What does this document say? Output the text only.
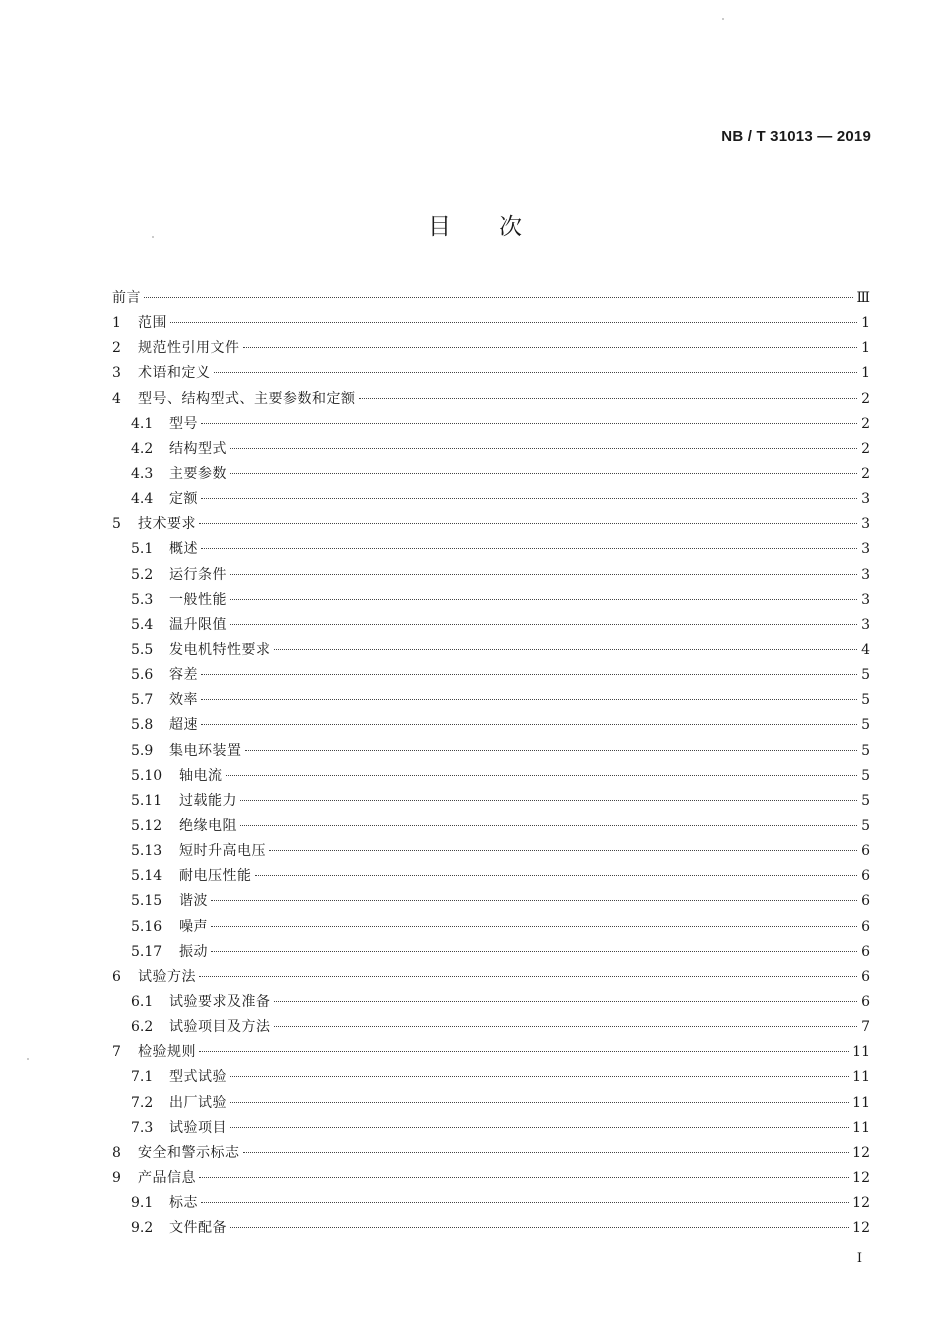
NB / T 31013 — 2019
目次
前言	Ⅲ
1	范围	1
2	规范性引用文件	1
3	术语和定义	1
4	型号、结构型式、主要参数和定额	2
4.1	型号	2
4.2	结构型式	2
4.3	主要参数	2
4.4	定额	3
5	技术要求	3
5.1	概述	3
5.2	运行条件	3
5.3	一般性能	3
5.4	温升限值	3
5.5	发电机特性要求	4
5.6	容差	5
5.7	效率	5
5.8	超速	5
5.9	集电环装置	5
5.10	轴电流	5
5.11	过载能力	5
5.12	绝缘电阻	5
5.13	短时升高电压	6
5.14	耐电压性能	6
5.15	谐波	6
5.16	噪声	6
5.17	振动	6
6	试验方法	6
6.1	试验要求及准备	6
6.2	试验项目及方法	7
7	检验规则	11
7.1	型式试验	11
7.2	出厂试验	11
7.3	试验项目	11
8	安全和警示标志	12
9	产品信息	12
9.1	标志	12
9.2	文件配备	12
I
